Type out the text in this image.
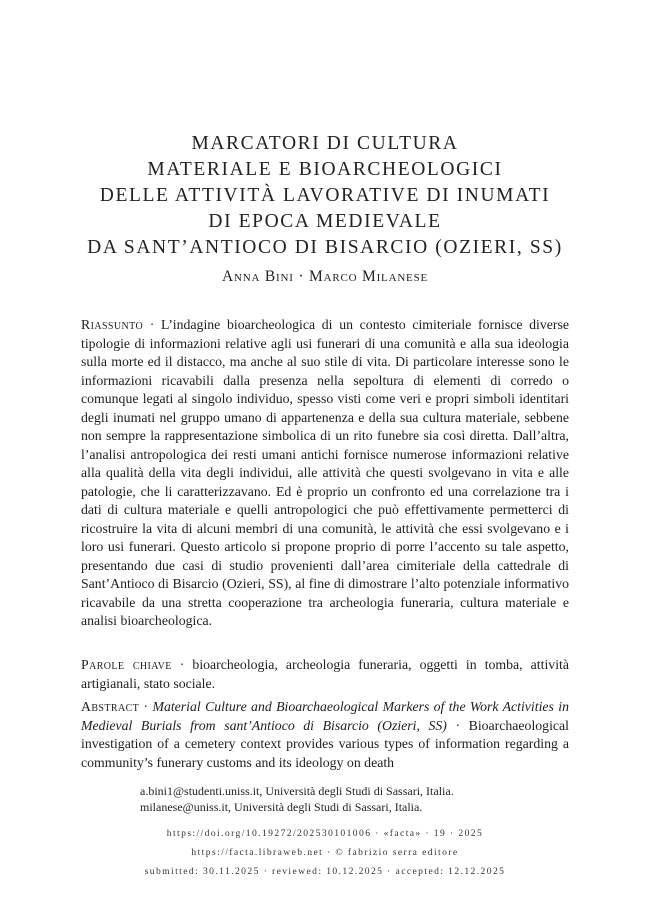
MARCATORI DI CULTURA
MATERIALE E BIOARCHEOLOGICI
DELLE ATTIVITÀ LAVORATIVE DI INUMATI
DI EPOCA MEDIEVALE
DA SANT’ANTIOCO DI BISARCIO (OZIERI, SS)
Anna Bini · Marco Milanese
Riassunto · L’indagine bioarcheologica di un contesto cimiteriale fornisce diverse tipologie di informazioni relative agli usi funerari di una comunità e alla sua ideologia sulla morte ed il distacco, ma anche al suo stile di vita. Di particolare interesse sono le informazioni ricavabili dalla presenza nella sepoltura di elementi di corredo o comunque legati al singolo individuo, spesso visti come veri e propri simboli identitari degli inumati nel gruppo umano di appartenenza e della sua cultura materiale, sebbene non sempre la rappresentazione simbolica di un rito funebre sia così diretta. Dall’altra, l’analisi antropologica dei resti umani antichi fornisce numerose informazioni relative alla qualità della vita degli individui, alle attività che questi svolgevano in vita e alle patologie, che li caratterizzavano. Ed è proprio un confronto ed una correlazione tra i dati di cultura materiale e quelli antropologici che può effettivamente permetterci di ricostruire la vita di alcuni membri di una comunità, le attività che essi svolgevano e i loro usi funerari. Questo articolo si propone proprio di porre l’accento su tale aspetto, presentando due casi di studio provenienti dall’area cimiteriale della cattedrale di Sant’Antioco di Bisarcio (Ozieri, SS), al fine di dimostrare l’alto potenziale informativo ricavabile da una stretta cooperazione tra archeologia funeraria, cultura materiale e analisi bioarcheologica.
Parole chiave · bioarcheologia, archeologia funeraria, oggetti in tomba, attività artigianali, stato sociale.
Abstract · Material Culture and Bioarchaeological Markers of the Work Activities in Medieval Burials from sant’Antioco di Bisarcio (Ozieri, SS) · Bioarchaeological investigation of a cemetery context provides various types of information regarding a community’s funerary customs and its ideology on death
a.bini1@studenti.uniss.it, Università degli Studi di Sassari, Italia.
milanese@uniss.it, Università degli Studi di Sassari, Italia.
https://doi.org/10.19272/202530101006 · «facta» · 19 · 2025
https://facta.libraweb.net · © fabrizio serra editore
submitted: 30.11.2025 · reviewed: 10.12.2025 · accepted: 12.12.2025
